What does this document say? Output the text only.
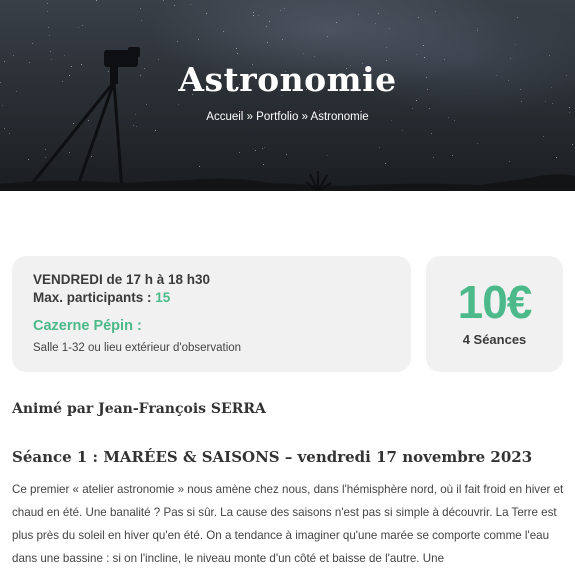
Astronomie
Accueil » Portfolio » Astronomie
VENDREDI de 17 h à 18 h30
Max. participants : 15
Cazerne Pépin :
Salle 1-32 ou lieu extérieur d'observation
10€
4 Séances
Animé par Jean-François SERRA
Séance 1 : MARÉES & SAISONS – vendredi 17 novembre 2023

Ce premier « atelier astronomie » nous amène chez nous, dans l'hémisphère nord, où il fait froid en hiver et chaud en été. Une banalité ? Pas si sûr. La cause des saisons n'est pas si simple à découvrir. La Terre est plus près du soleil en hiver qu'en été. On a tendance à imaginer qu'une marée se comporte comme l'eau dans une bassine : si on l'incline, le niveau monte d'un côté et baisse de l'autre. Une
